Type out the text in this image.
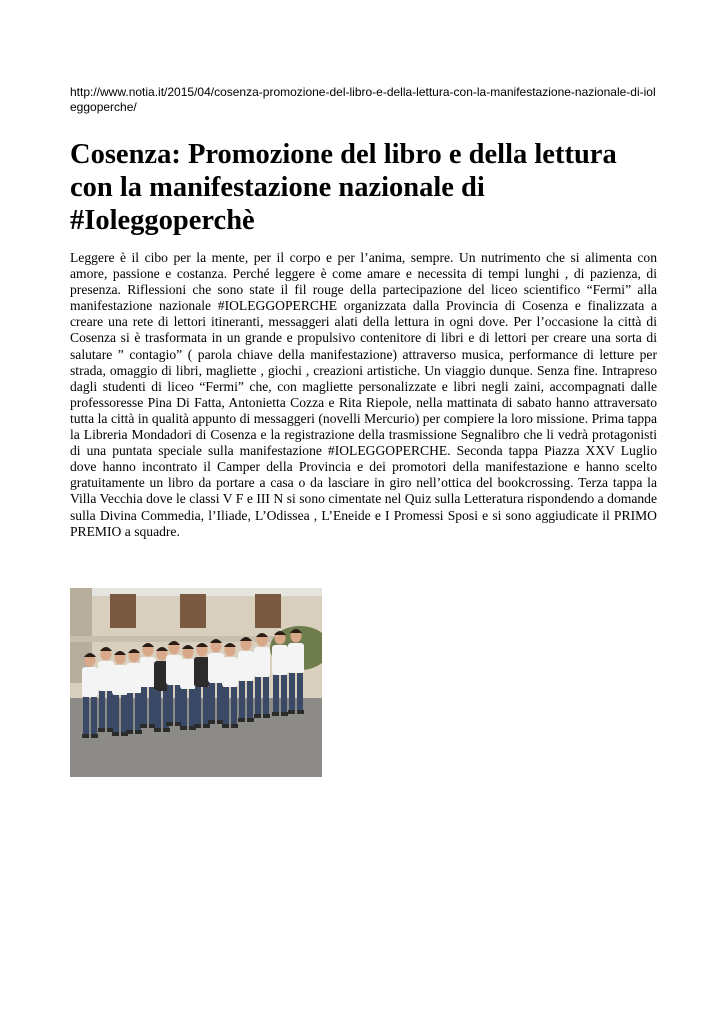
http://www.notia.it/2015/04/cosenza-promozione-del-libro-e-della-lettura-con-la-manifestazione-nazionale-di-ioleggoperche/
Cosenza: Promozione del libro e della lettura con la manifestazione nazionale di #Ioleggoperchè

Leggere è il cibo per la mente, per il corpo e per l’anima, sempre. Un nutrimento che si alimenta con amore, passione e costanza. Perché leggere è come amare e necessita di tempi lunghi , di pazienza, di presenza. Riflessioni che sono state il fil rouge della partecipazione del liceo scientifico “Fermi” alla manifestazione nazionale #IOLEGGOPERCHE organizzata dalla Provincia di Cosenza e finalizzata a creare una rete di lettori itineranti, messaggeri alati della lettura in ogni dove. Per l’occasione la città di Cosenza si è trasformata in un grande e propulsivo contenitore di libri e di lettori per creare una sorta di salutare ” contagio” ( parola chiave della manifestazione) attraverso musica, performance di letture per strada, omaggio di libri, magliette , giochi , creazioni artistiche. Un viaggio dunque. Senza fine. Intrapreso dagli studenti di liceo “Fermi” che, con magliette personalizzate e libri negli zaini, accompagnati dalle professoresse Pina Di Fatta, Antonietta Cozza e Rita Riepole, nella mattinata di sabato hanno attraversato tutta la città in qualità appunto di messaggeri (novelli Mercurio) per compiere la loro missione. Prima tappa la Libreria Mondadori di Cosenza e la registrazione della trasmissione Segnalibro che li vedrà protagonisti di una puntata speciale sulla manifestazione #IOLEGGOPERCHE. Seconda tappa Piazza XXV Luglio dove hanno incontrato il Camper della Provincia e dei promotori della manifestazione e hanno scelto gratuitamente un libro da portare a casa o da lasciare in giro nell’ottica del bookcrossing. Terza tappa la Villa Vecchia dove le classi V F e III N si sono cimentate nel Quiz sulla Letteratura rispondendo a domande sulla Divina Commedia, l’Iliade, L’Odissea , L’Eneide e I Promessi Sposi e si sono aggiudicate il PRIMO PREMIO a squadre.
